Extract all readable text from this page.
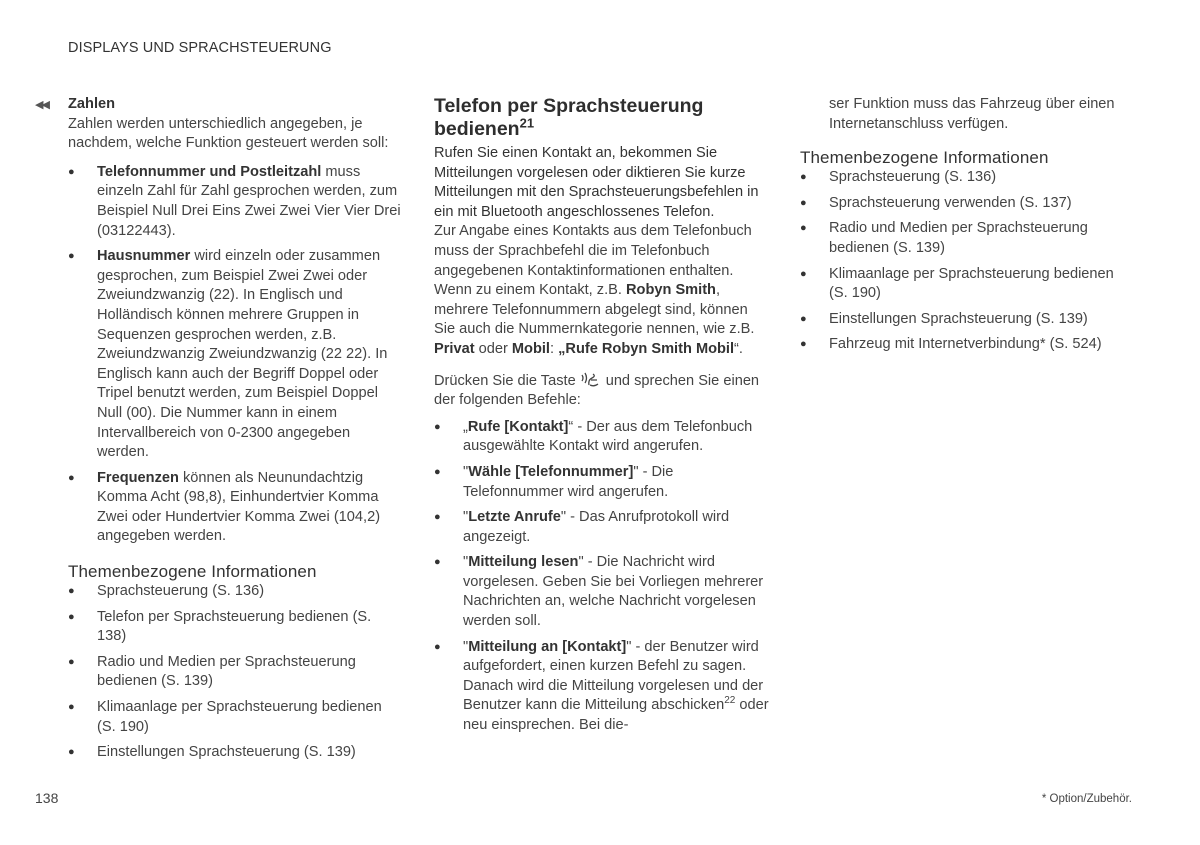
DISPLAYS UND SPRACHSTEUERUNG
◀◀ Zahlen

Zahlen werden unterschiedlich angegeben, je nachdem, welche Funktion gesteuert werden soll:

● Telefonnummer und Postleitzahl muss einzeln Zahl für Zahl gesprochen werden, zum Beispiel Null Drei Eins Zwei Zwei Vier Vier Drei (03122443).
● Hausnummer wird einzeln oder zusammen gesprochen, zum Beispiel Zwei Zwei oder Zweiundzwanzig (22). In Englisch und Holländisch können mehrere Gruppen in Sequenzen gesprochen werden, z.B. Zweiundzwanzig Zweiundzwanzig (22 22). In Englisch kann auch der Begriff Doppel oder Tripel benutzt werden, zum Beispiel Doppel Null (00). Die Nummer kann in einem Intervallbereich von 0-2300 angegeben werden.
● Frequenzen können als Neunundachtzig Komma Acht (98,8), Einhundertvier Komma Zwei oder Hundertvier Komma Zwei (104,2) angegeben werden.
Themenbezogene Informationen
● Sprachsteuerung (S. 136)
● Telefon per Sprachsteuerung bedienen (S. 138)
● Radio und Medien per Sprachsteuerung bedienen (S. 139)
● Klimaanlage per Sprachsteuerung bedienen (S. 190)
● Einstellungen Sprachsteuerung (S. 139)
Telefon per Sprachsteuerung bedienen$^{21}$

Rufen Sie einen Kontakt an, bekommen Sie Mitteilungen vorgelesen oder diktieren Sie kurze Mitteilungen mit den Sprachsteuerungsbefehlen in ein mit Bluetooth angeschlossenes Telefon.

Zur Angabe eines Kontakts aus dem Telefonbuch muss der Sprachbefehl die im Telefonbuch angegebenen Kontaktinformationen enthalten. Wenn zu einem Kontakt, z.B. Robyn Smith, mehrere Telefonnummern abgelegt sind, können Sie auch die Nummernkategorie nennen, wie z.B. Privat oder Mobil: „Rufe Robyn Smith Mobil“.

Drücken Sie die Taste und sprechen Sie einen der folgenden Befehle:

● „Rufe [Kontakt]“ - Der aus dem Telefonbuch ausgewählte Kontakt wird angerufen.
● "Wähle [Telefonnummer]" - Die Telefonnummer wird angerufen.
● "Letzte Anrufe" - Das Anrufprotokoll wird angezeigt.
● "Mitteilung lesen" - Die Nachricht wird vorgelesen. Geben Sie bei Vorliegen mehrerer Nachrichten an, welche Nachricht vorgelesen werden soll.
● "Mitteilung an [Kontakt]" - der Benutzer wird aufgefordert, einen kurzen Befehl zu sagen. Danach wird die Mitteilung vorgelesen und der Benutzer kann die Mitteilung abschicken$^{22}$ oder neu einsprechen. Bei die-
ser Funktion muss das Fahrzeug über einen Internetanschluss verfügen.
Themenbezogene Informationen
● Sprachsteuerung (S. 136)
● Sprachsteuerung verwenden (S. 137)
● Radio und Medien per Sprachsteuerung bedienen (S. 139)
● Klimaanlage per Sprachsteuerung bedienen (S. 190)
● Einstellungen Sprachsteuerung (S. 139)
● Fahrzeug mit Internetverbindung* (S. 524)
138	* Option/Zubehör.
